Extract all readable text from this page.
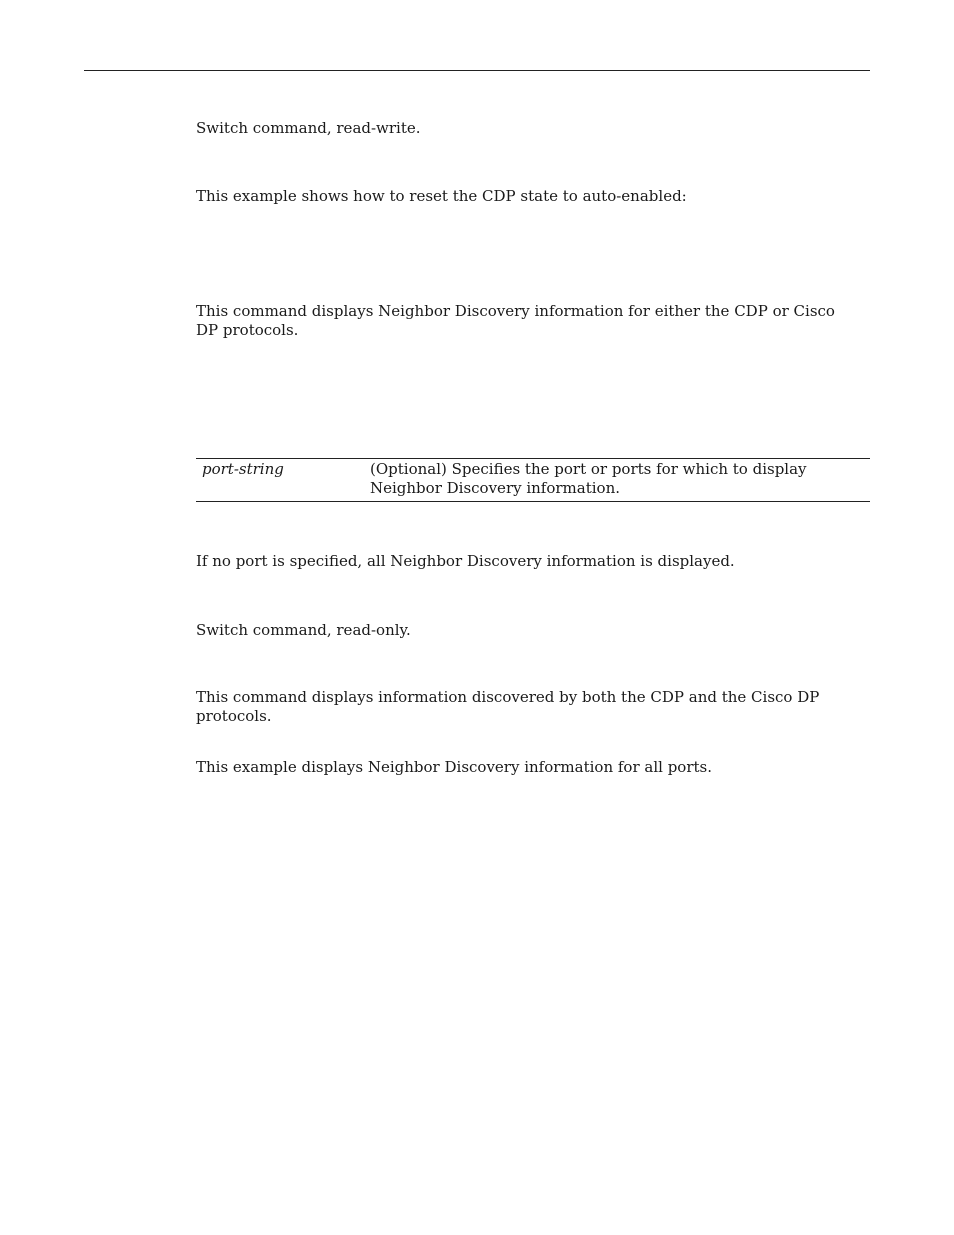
Switch command, read-write.

This example shows how to reset the CDP state to auto-enabled:

This command displays Neighbor Discovery information for either the CDP or Cisco DP protocols.

port-string	(Optional) Specifies the port or ports for which to display Neighbor Discovery information.

If no port is specified, all Neighbor Discovery information is displayed.

Switch command, read-only.

This command displays information discovered by both the CDP and the Cisco DP protocols.

This example displays Neighbor Discovery information for all ports.
